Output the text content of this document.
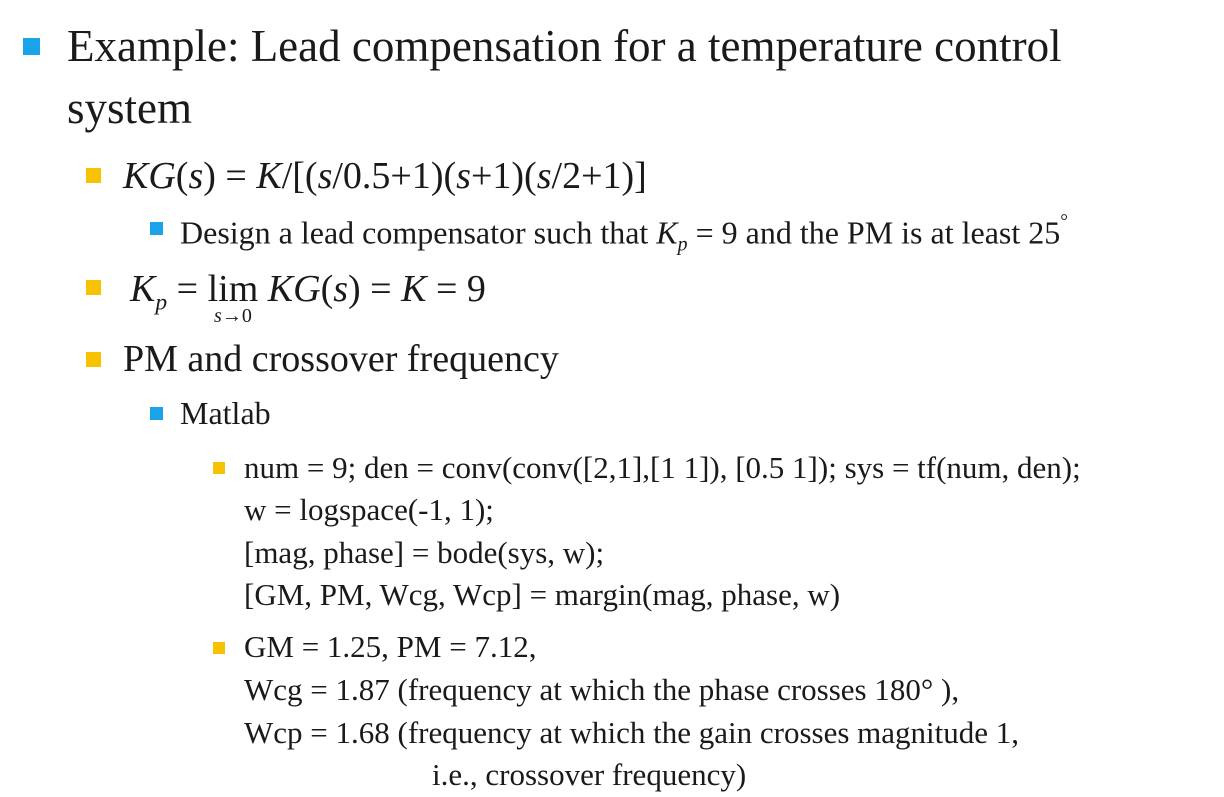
Example: Lead compensation for a temperature control
system
KG(s) = K/[(s/0.5+1)(s+1)(s/2+1)]
Design a lead compensator such that $K_p = 9$ and the PM is at least 25°
$K_p = \lim$
s→0
KG(s) = K = 9
PM and crossover frequency
Matlab
num = 9; den = conv(conv([2,1],[1 1]), [0.5 1]); sys = tf(num, den);
w = logspace(-1, 1);
[mag, phase] = bode(sys, w);
[GM, PM, Wcg, Wcp] = margin(mag, phase, w)
GM = 1.25, PM = 7.12,
Wcg = 1.87 (frequency at which the phase crosses 180° ),
Wcp = 1.68 (frequency at which the gain crosses magnitude 1,
i.e., crossover frequency)
